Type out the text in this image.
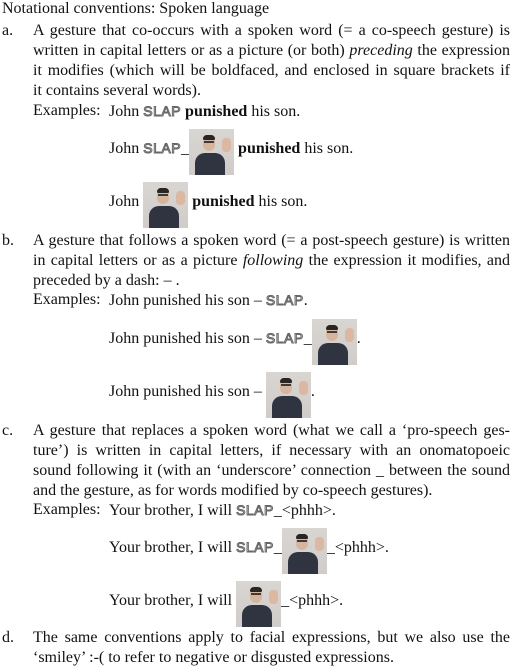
Notational conventions: Spoken language
a. A gesture that co-occurs with a spoken word (= a co-speech gesture) is
written in capital letters or as a picture (or both) preceding the expression
it modifies (which will be boldfaced, and enclosed in square brackets if
it contains several words).
Examples: John SLAP punished his son.
John SLAP_	punished his son.
John	punished his son.
b. A gesture that follows a spoken word (= a post-speech gesture) is written
in capital letters or as a picture following the expression it modifies, and
preceded by a dash: – .
Examples: John punished his son – SLAP.
John punished his son – SLAP_	.
John punished his son –	.
c. A gesture that replaces a spoken word (what we call a ‘pro-speech ges-
ture’) is written in capital letters, if necessary with an onomatopoeic
sound following it (with an ‘underscore’ connection _ between the sound
and the gesture, as for words modified by co-speech gestures).
Examples: Your brother, I will SLAP_<phhh>.
Your brother, I will SLAP_	_<phhh>.
Your brother, I will	_<phhh>.
d. The same conventions apply to facial expressions, but we also use the
‘smiley’ :-( to refer to negative or disgusted expressions.
